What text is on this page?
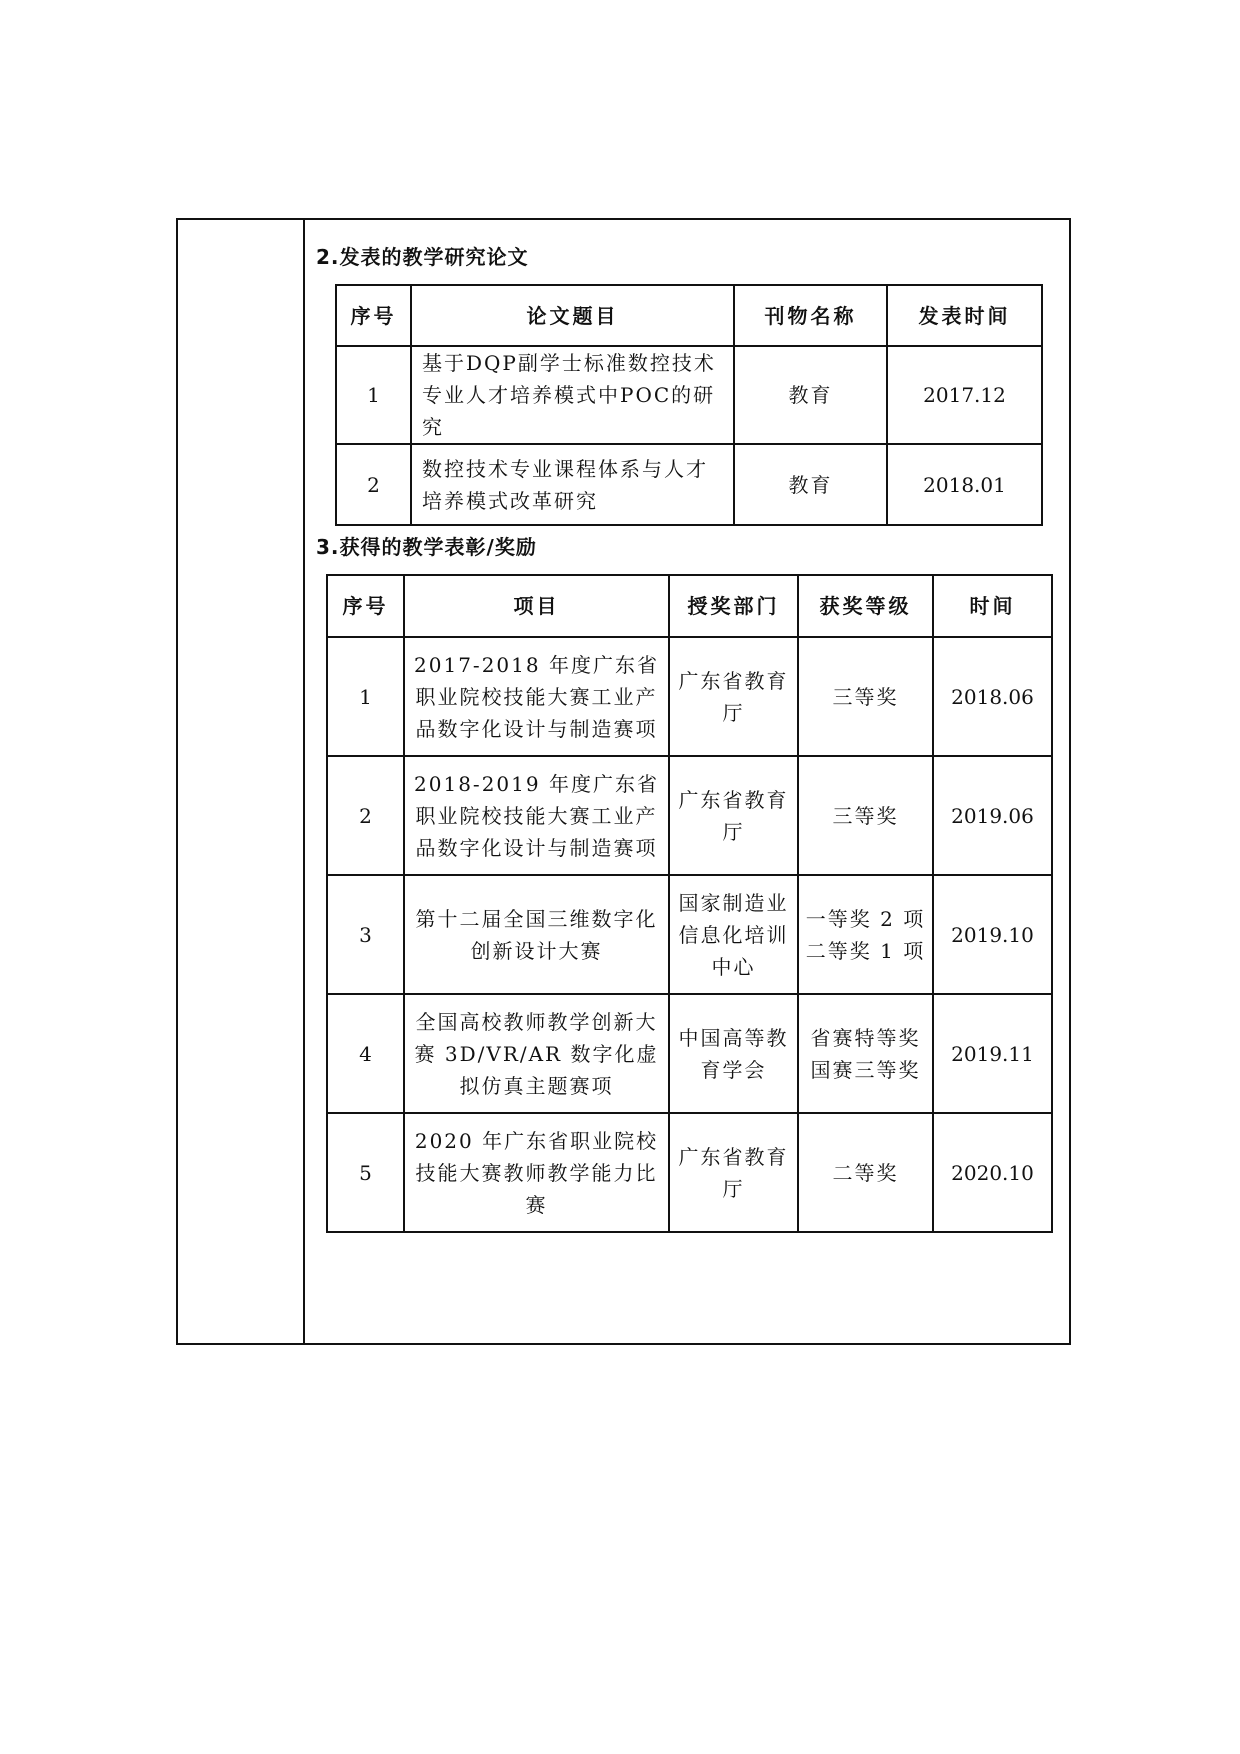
2.发表的教学研究论文
序号	论文题目	刊物名称	发表时间
1	基于DQP副学士标准数控技术专业人才培养模式中POC的研究	教育	2017.12
2	数控技术专业课程体系与人才培养模式改革研究	教育	2018.01
3.获得的教学表彰/奖励
序号	项目	授奖部门	获奖等级	时间
1	2017-2018 年度广东省职业院校技能大赛工业产品数字化设计与制造赛项	广东省教育厅	三等奖	2018.06
2	2018-2019 年度广东省职业院校技能大赛工业产品数字化设计与制造赛项	广东省教育厅	三等奖	2019.06
3	第十二届全国三维数字化创新设计大赛	国家制造业信息化培训中心	一等奖 2 项 二等奖 1 项	2019.10
4	全国高校教师教学创新大赛 3D/VR/AR 数字化虚拟仿真主题赛项	中国高等教育学会	省赛特等奖 国赛三等奖	2019.11
5	2020 年广东省职业院校技能大赛教师教学能力比赛	广东省教育厅	二等奖	2020.10
